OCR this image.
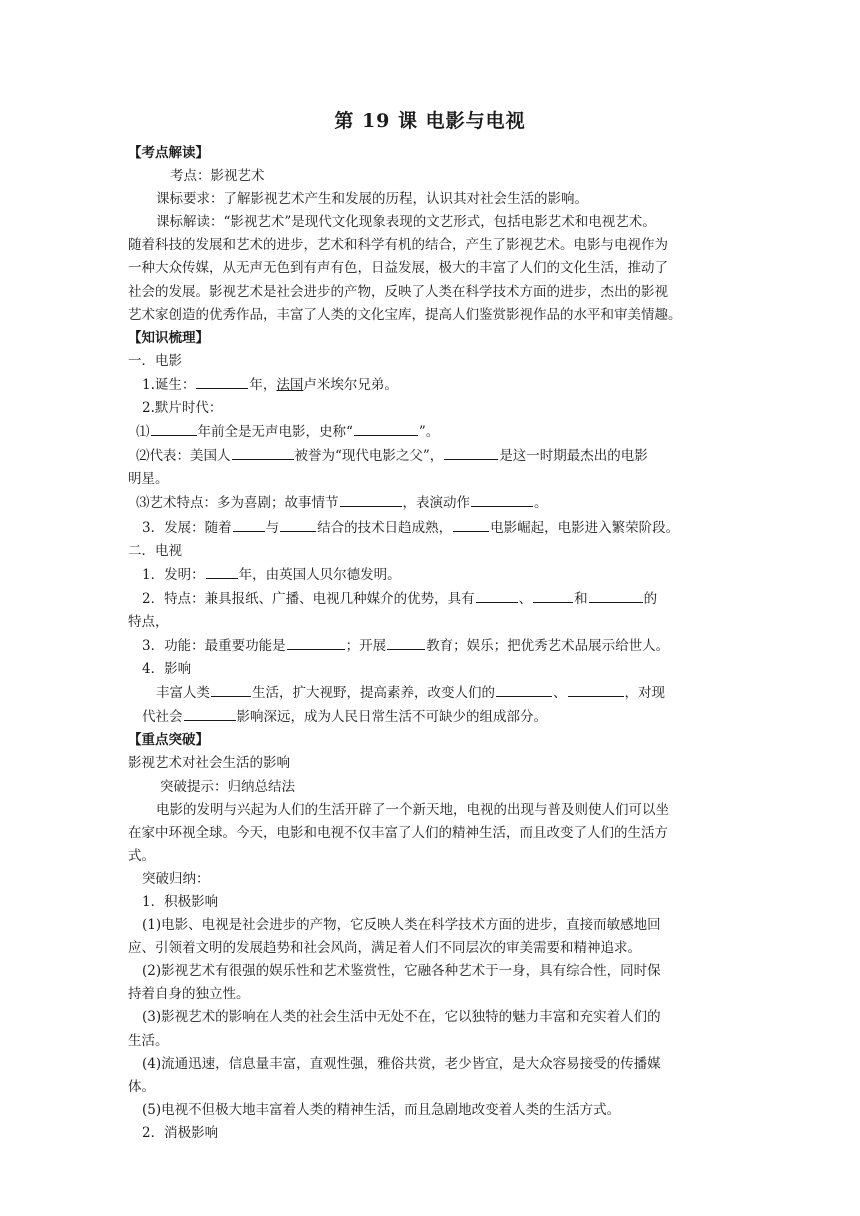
第 19 课 电影与电视
【考点解读】
考点：影视艺术
课标要求：了解影视艺术产生和发展的历程，认识其对社会生活的影响。
课标解读：“影视艺术”是现代文化现象表现的文艺形式，包括电影艺术和电视艺术。
随着科技的发展和艺术的进步，艺术和科学有机的结合，产生了影视艺术。电影与电视作为
一种大众传媒，从无声无色到有声有色，日益发展，极大的丰富了人们的文化生活，推动了
社会的发展。影视艺术是社会进步的产物，反映了人类在科学技术方面的进步，杰出的影视
艺术家创造的优秀作品，丰富了人类的文化宝库，提高人们鉴赏影视作品的水平和审美情趣。
【知识梳理】
一．电影
1.诞生：	年，法国卢米埃尔兄弟。
2.默片时代：
⑴	年前全是无声电影，史称“	”。
⑵代表：美国人	被誉为“现代电影之父”，	是这一时期最杰出的电影
明星。
⑶艺术特点：多为喜剧；故事情节	，表演动作	。
3．发展：随着	与	结合的技术日趋成熟，	电影崛起，电影进入繁荣阶段。
二．电视
1．发明：	年，由英国人贝尔德发明。
2．特点：兼具报纸、广播、电视几种媒介的优势，具有	、	和	的
特点，
3．功能：最重要功能是	；开展	教育；娱乐；把优秀艺术品展示给世人。
4．影响
丰富人类	生活，扩大视野，提高素养，改变人们的	、	，对现
代社会	影响深远，成为人民日常生活不可缺少的组成部分。
【重点突破】
影视艺术对社会生活的影响
突破提示：归纳总结法
电影的发明与兴起为人们的生活开辟了一个新天地，电视的出现与普及则使人们可以坐
在家中环视全球。今天，电影和电视不仅丰富了人们的精神生活，而且改变了人们的生活方
式。
突破归纳：
1．积极影响
(1)电影、电视是社会进步的产物，它反映人类在科学技术方面的进步，直接而敏感地回
应、引领着文明的发展趋势和社会风尚，满足着人们不同层次的审美需要和精神追求。
(2)影视艺术有很强的娱乐性和艺术鉴赏性，它融各种艺术于一身，具有综合性，同时保
持着自身的独立性。
(3)影视艺术的影响在人类的社会生活中无处不在，它以独特的魅力丰富和充实着人们的
生活。
(4)流通迅速，信息量丰富，直观性强，雅俗共赏，老少皆宜，是大众容易接受的传播媒
体。
(5)电视不但极大地丰富着人类的精神生活，而且急剧地改变着人类的生活方式。
2．消极影响
